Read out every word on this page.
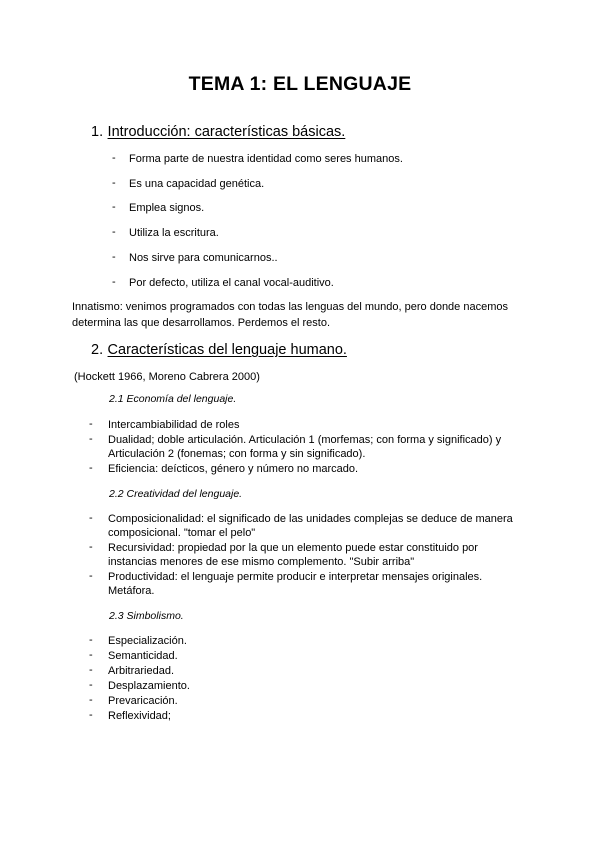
TEMA 1: EL LENGUAJE
1. Introducción: características básicas.
- Forma parte de nuestra identidad como seres humanos.
- Es una capacidad genética.
- Emplea signos.
- Utiliza la escritura.
- Nos sirve para comunicarnos..
- Por defecto, utiliza el canal vocal-auditivo.
Innatismo: venimos programados con todas las lenguas del mundo, pero donde nacemos
determina las que desarrollamos. Perdemos el resto.
2. Características del lenguaje humano.
(Hockett 1966, Moreno Cabrera 2000)
2.1 Economía del lenguaje.
- Intercambiabilidad de roles
- Dualidad; doble articulación. Articulación 1 (morfemas; con forma y significado) y
Articulación 2 (fonemas; con forma y sin significado).
- Eficiencia: deícticos, género y número no marcado.
2.2 Creatividad del lenguaje.
- Composicionalidad: el significado de las unidades complejas se deduce de manera
composicional. "tomar el pelo"
- Recursividad: propiedad por la que un elemento puede estar constituido por
instancias menores de ese mismo complemento. "Subir arriba"
- Productividad: el lenguaje permite producir e interpretar mensajes originales.
Metáfora.
2.3 Simbolismo.
- Especialización.
- Semanticidad.
- Arbitrariedad.
- Desplazamiento.
- Prevaricación.
- Reflexividad;
